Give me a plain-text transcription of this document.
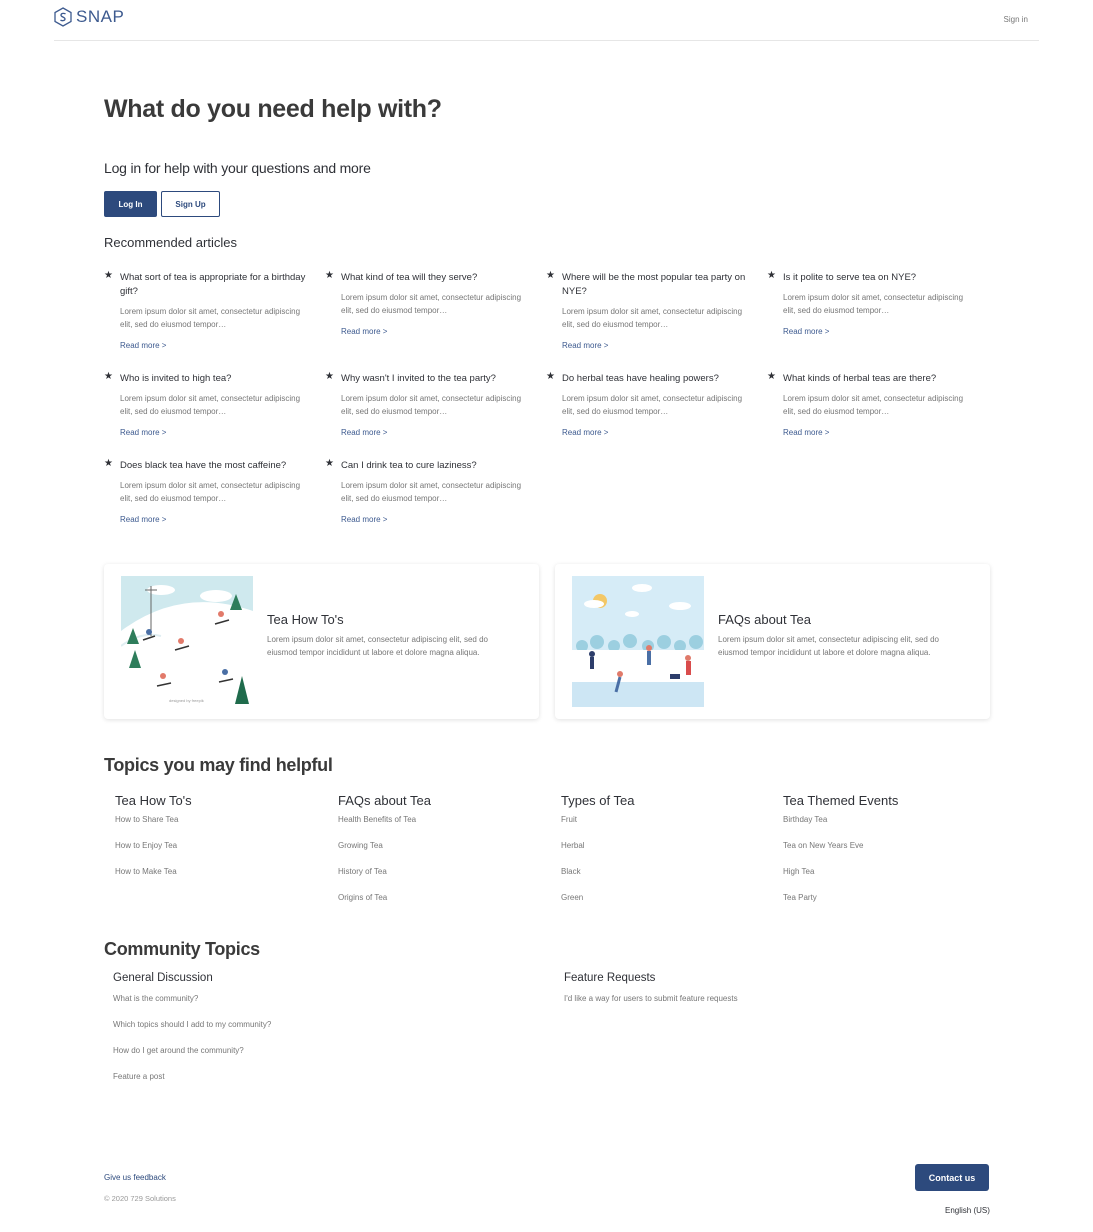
SNAP	Sign in
What do you need help with?
Log in for help with your questions and more
Log In	Sign Up
Recommended articles
★ What sort of tea is appropriate for a birthday gift?
Lorem ipsum dolor sit amet, consectetur adipiscing elit, sed do eiusmod tempor…
Read more >
★ What kind of tea will they serve?
Lorem ipsum dolor sit amet, consectetur adipiscing elit, sed do eiusmod tempor…
Read more >
★ Where will be the most popular tea party on NYE?
Lorem ipsum dolor sit amet, consectetur adipiscing elit, sed do eiusmod tempor…
Read more >
★ Is it polite to serve tea on NYE?
Lorem ipsum dolor sit amet, consectetur adipiscing elit, sed do eiusmod tempor…
Read more >
★ Who is invited to high tea?
Lorem ipsum dolor sit amet, consectetur adipiscing elit, sed do eiusmod tempor…
Read more >
★ Why wasn't I invited to the tea party?
Lorem ipsum dolor sit amet, consectetur adipiscing elit, sed do eiusmod tempor…
Read more >
★ Do herbal teas have healing powers?
Lorem ipsum dolor sit amet, consectetur adipiscing elit, sed do eiusmod tempor…
Read more >
★ What kinds of herbal teas are there?
Lorem ipsum dolor sit amet, consectetur adipiscing elit, sed do eiusmod tempor…
Read more >
★ Does black tea have the most caffeine?
Lorem ipsum dolor sit amet, consectetur adipiscing elit, sed do eiusmod tempor…
Read more >
★ Can I drink tea to cure laziness?
Lorem ipsum dolor sit amet, consectetur adipiscing elit, sed do eiusmod tempor…
Read more >
designed by freepik
Tea How To's
Lorem ipsum dolor sit amet, consectetur adipiscing elit, sed do eiusmod tempor incididunt ut labore et dolore magna aliqua.
FAQs about Tea
Lorem ipsum dolor sit amet, consectetur adipiscing elit, sed do eiusmod tempor incididunt ut labore et dolore magna aliqua.
Topics you may find helpful
Tea How To's
How to Share Tea
How to Enjoy Tea
How to Make Tea
FAQs about Tea
Health Benefits of Tea
Growing Tea
History of Tea
Origins of Tea
Types of Tea
Fruit
Herbal
Black
Green
Tea Themed Events
Birthday Tea
Tea on New Years Eve
High Tea
Tea Party
Community Topics
General Discussion
What is the community?
Which topics should I add to my community?
How do I get around the community?
Feature a post
Feature Requests
I'd like a way for users to submit feature requests
Give us feedback
© 2020 729 Solutions
Contact us
English (US)
